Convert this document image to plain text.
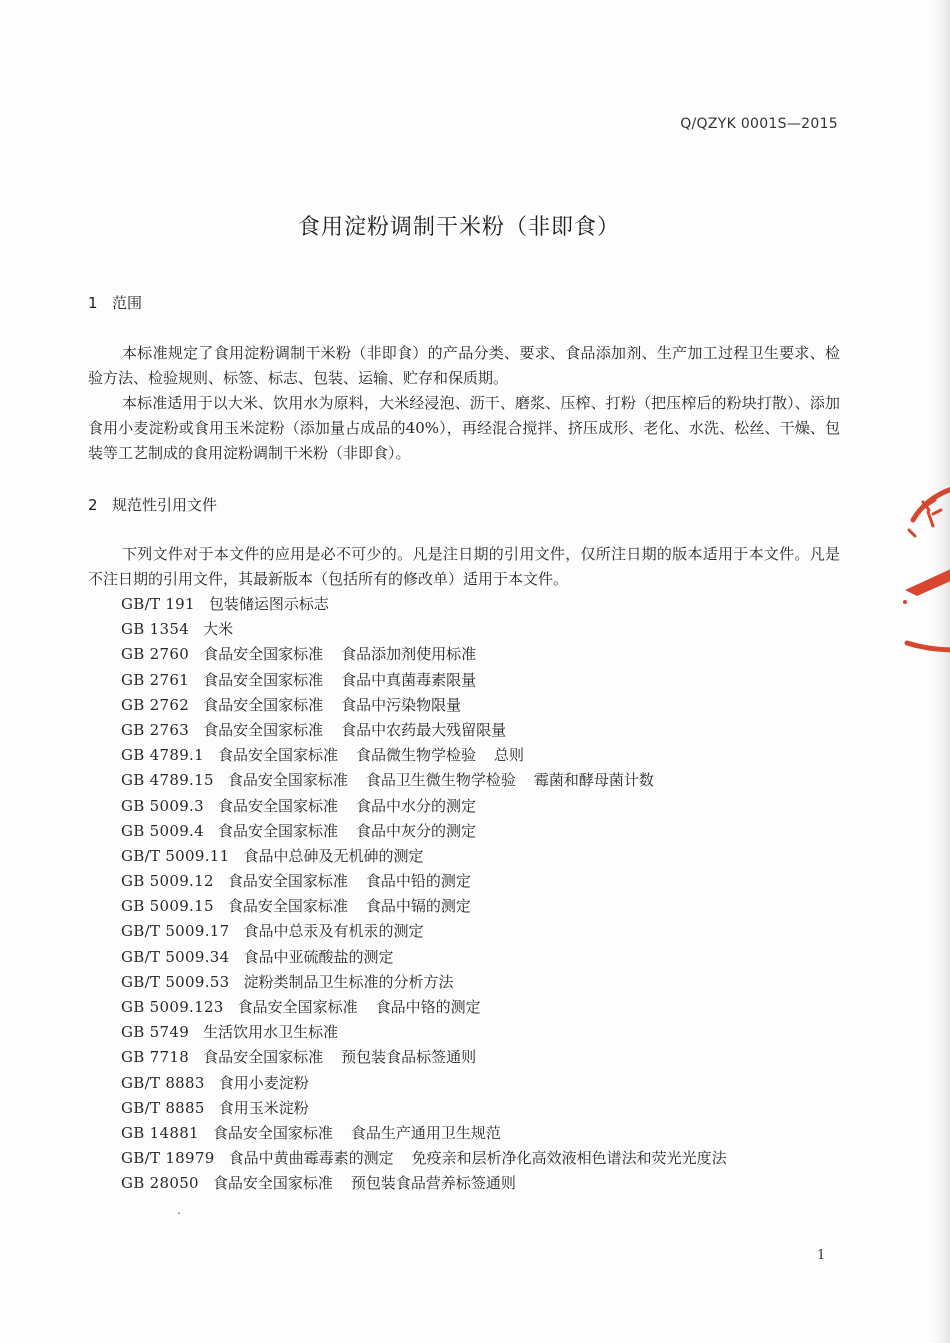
Q/QZYK 0001S—2015
食用淀粉调制干米粉（非即食）
1 范围

本标准规定了食用淀粉调制干米粉（非即食）的产品分类、要求、食品添加剂、生产加工过程卫生要求、检验方法、检验规则、标签、标志、包装、运输、贮存和保质期。

本标准适用于以大米、饮用水为原料，大米经浸泡、沥干、磨浆、压榨、打粉（把压榨后的粉块打散）、添加食用小麦淀粉或食用玉米淀粉（添加量占成品的40%），再经混合搅拌、挤压成形、老化、水洗、松丝、干燥、包装等工艺制成的食用淀粉调制干米粉（非即食）。

2 规范性引用文件

下列文件对于本文件的应用是必不可少的。凡是注日期的引用文件，仅所注日期的版本适用于本文件。凡是不注日期的引用文件，其最新版本（包括所有的修改单）适用于本文件。

GB/T 191 包装储运图示标志
GB 1354 大米
GB 2760 食品安全国家标准 食品添加剂使用标准
GB 2761 食品安全国家标准 食品中真菌毒素限量
GB 2762 食品安全国家标准 食品中污染物限量
GB 2763 食品安全国家标准 食品中农药最大残留限量
GB 4789.1 食品安全国家标准 食品微生物学检验 总则
GB 4789.15 食品安全国家标准 食品卫生微生物学检验 霉菌和酵母菌计数
GB 5009.3 食品安全国家标准 食品中水分的测定
GB 5009.4 食品安全国家标准 食品中灰分的测定
GB/T 5009.11 食品中总砷及无机砷的测定
GB 5009.12 食品安全国家标准 食品中铅的测定
GB 5009.15 食品安全国家标准 食品中镉的测定
GB/T 5009.17 食品中总汞及有机汞的测定
GB/T 5009.34 食品中亚硫酸盐的测定
GB/T 5009.53 淀粉类制品卫生标准的分析方法
GB 5009.123 食品安全国家标准 食品中铬的测定
GB 5749 生活饮用水卫生标准
GB 7718 食品安全国家标准 预包装食品标签通则
GB/T 8883 食用小麦淀粉
GB/T 8885 食用玉米淀粉
GB 14881 食品安全国家标准 食品生产通用卫生规范
GB/T 18979 食品中黄曲霉毒素的测定 免疫亲和层析净化高效液相色谱法和荧光光度法
GB 28050 食品安全国家标准 预包装食品营养标签通则
.
1
